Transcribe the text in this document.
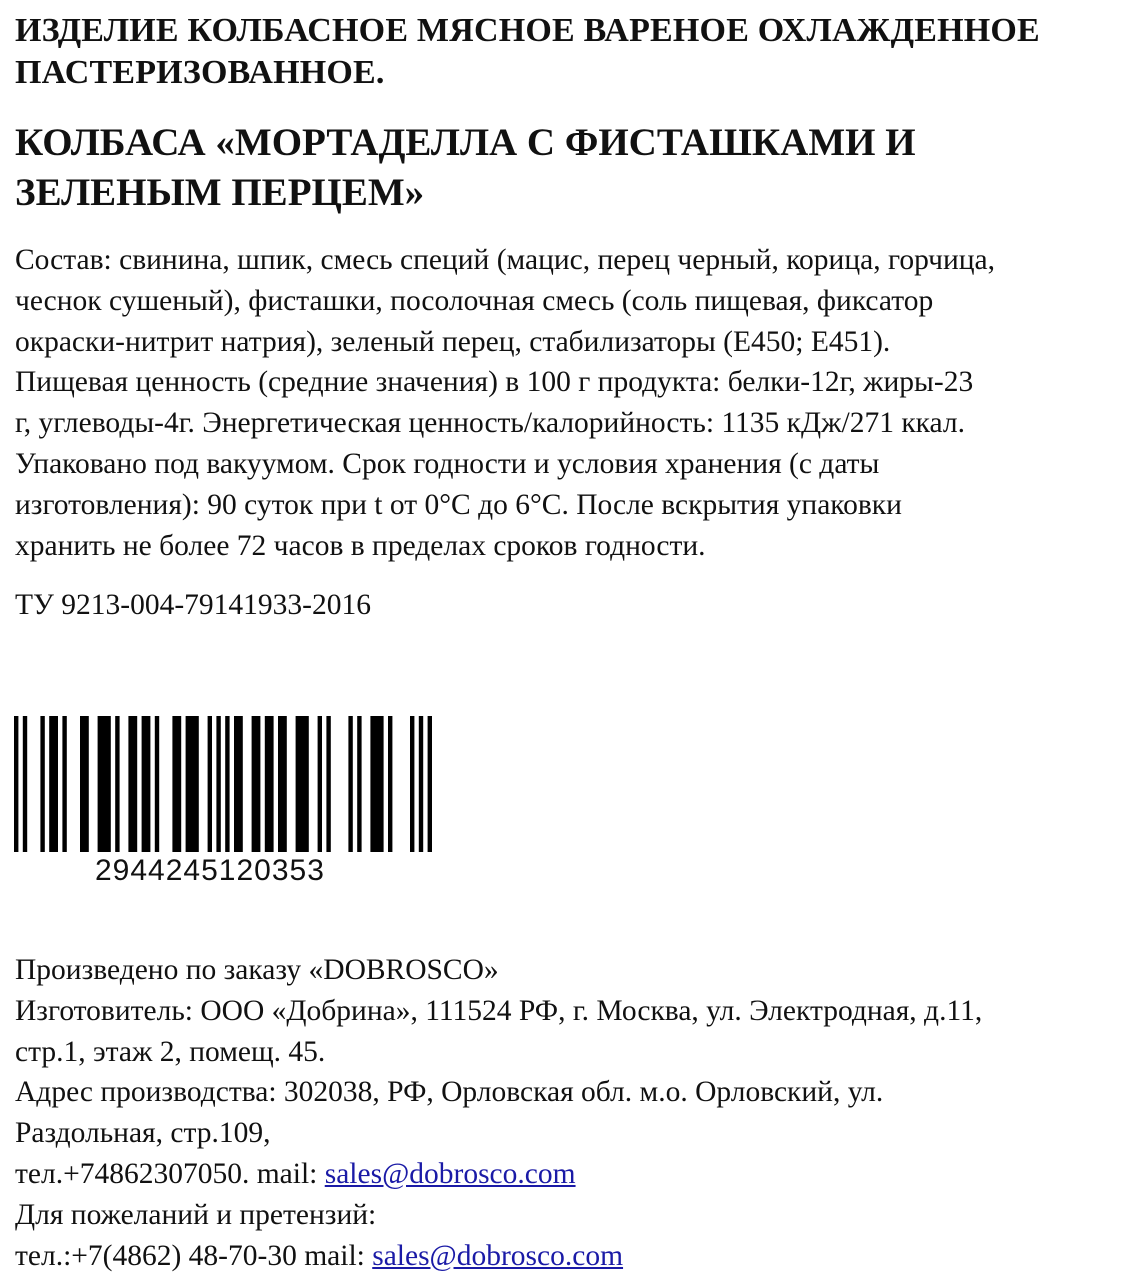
ИЗДЕЛИЕ КОЛБАСНОЕ МЯСНОЕ ВАРЕНОЕ ОХЛАЖДЕННОЕ
ПАСТЕРИЗОВАННОЕ.
КОЛБАСА «МОРТАДЕЛЛА С ФИСТАШКАМИ И
ЗЕЛЕНЫМ ПЕРЦЕМ»

Состав: свинина, шпик, смесь специй (мацис, перец черный, корица, горчица,
чеснок сушеный), фисташки, посолочная смесь (соль пищевая, фиксатор
окраски-нитрит натрия), зеленый перец, стабилизаторы (Е450; Е451).
Пищевая ценность (средние значения) в 100 г продукта: белки-12г, жиры-23
г, углеводы-4г. Энергетическая ценность/калорийность: 1135 кДж/271 ккал.
Упаковано под вакуумом. Срок годности и условия хранения (с даты
изготовления): 90 суток при t от 0°С до 6°С. После вскрытия упаковки
хранить не более 72 часов в пределах сроков годности.

ТУ 9213-004-79141933-2016

2944245120353
Произведено по заказу «DOBROSCO»
Изготовитель: ООО «Добрина», 111524 РФ, г. Москва, ул. Электродная, д.11,
стр.1, этаж 2, помещ. 45.
Адрес производства: 302038, РФ, Орловская обл. м.о. Орловский, ул.
Раздольная, стр.109,
тел.+74862307050. mail: sales@dobrosco.com
Для пожеланий и претензий:
тел.:+7(4862) 48-70-30 mail: sales@dobrosco.com
